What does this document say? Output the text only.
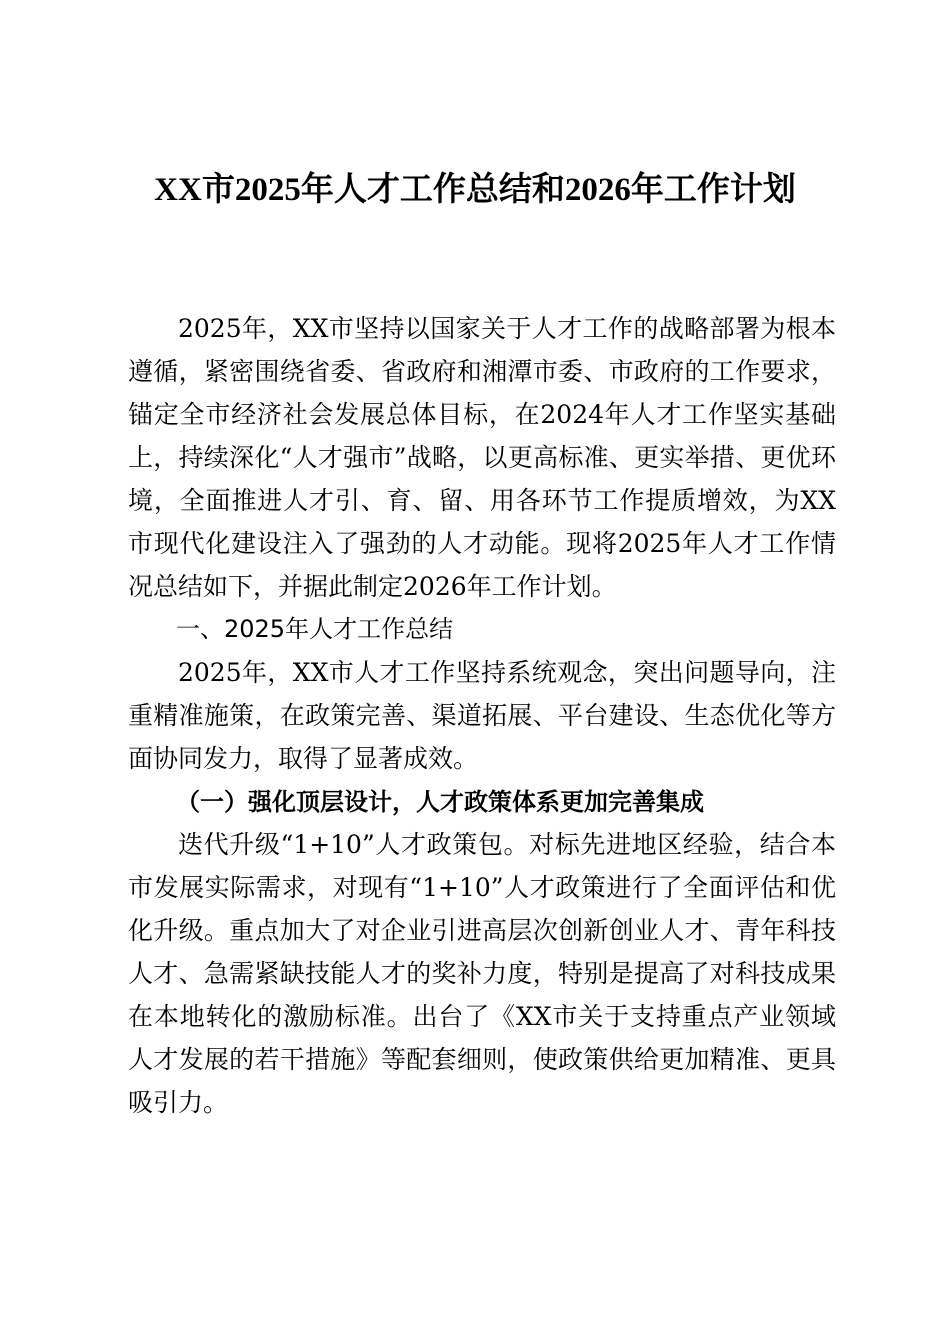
XX市2025年人才工作总结和2026年工作计划

2025年，XX市坚持以国家关于人才工作的战略部署为根本遵循，紧密围绕省委、省政府和湘潭市委、市政府的工作要求，锚定全市经济社会发展总体目标，在2024年人才工作坚实基础上，持续深化“人才强市”战略，以更高标准、更实举措、更优环境，全面推进人才引、育、留、用各环节工作提质增效，为XX市现代化建设注入了强劲的人才动能。现将2025年人才工作情况总结如下，并据此制定2026年工作计划。

一、2025年人才工作总结

2025年，XX市人才工作坚持系统观念，突出问题导向，注重精准施策，在政策完善、渠道拓展、平台建设、生态优化等方面协同发力，取得了显著成效。

（一）强化顶层设计，人才政策体系更加完善集成

迭代升级“1+10”人才政策包。对标先进地区经验，结合本市发展实际需求，对现有“1+10”人才政策进行了全面评估和优化升级。重点加大了对企业引进高层次创新创业人才、青年科技人才、急需紧缺技能人才的奖补力度，特别是提高了对科技成果在本地转化的激励标准。出台了《XX市关于支持重点产业领域人才发展的若干措施》等配套细则，使政策供给更加精准、更具吸引力。
